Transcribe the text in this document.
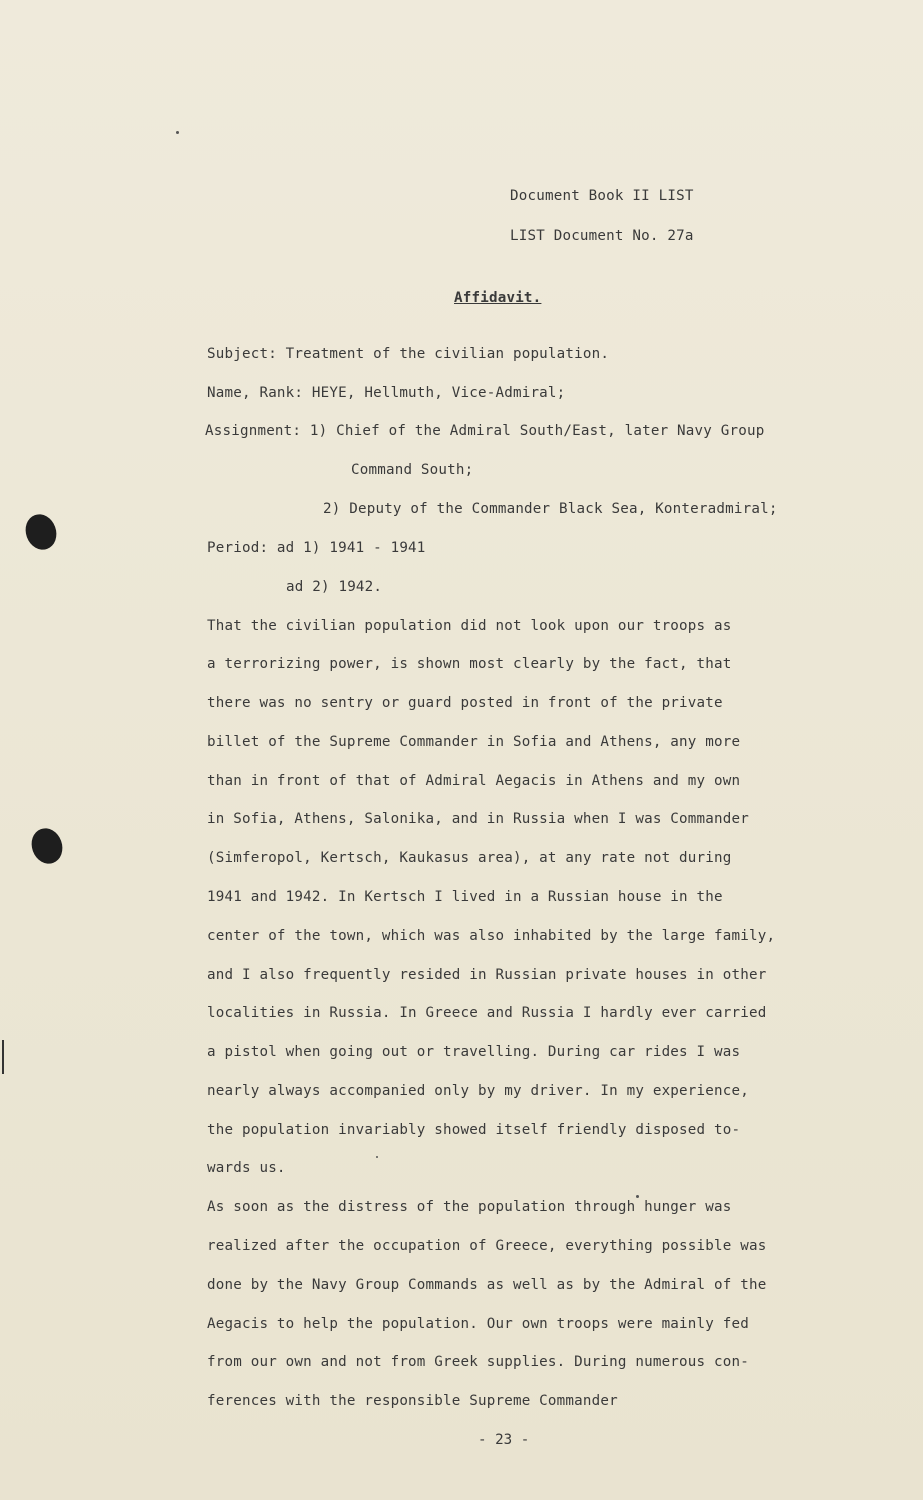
Document Book II LIST
LIST Document No. 27a
Affidavit.
Subject: Treatment of the civilian population.
Name, Rank: HEYE, Hellmuth, Vice-Admiral;
Assignment: 1) Chief of the Admiral South/East, later Navy Group
Command South;
2) Deputy of the Commander Black Sea, Konteradmiral;
Period: ad 1) 1941 - 1941
ad 2) 1942.
That the civilian population did not look upon our troops as
a terrorizing power, is shown most clearly by the fact, that
there was no sentry or guard posted in front of the private
billet of the Supreme Commander in Sofia and Athens, any more
than in front of that of Admiral Aegacis in Athens and my own
in Sofia, Athens, Salonika, and in Russia when I was Commander
(Simferopol, Kertsch, Kaukasus area), at any rate not during
1941 and 1942. In Kertsch I lived in a Russian house in the
center of the town, which was also inhabited by the large family,
and I also frequently resided in Russian private houses in other
localities in Russia. In Greece and Russia I hardly ever carried
a pistol when going out or travelling. During car rides I was
nearly always accompanied only by my driver. In my experience,
the population invariably showed itself friendly disposed to-
wards us.
As soon as the distress of the population through hunger was
realized after the occupation of Greece, everything possible was
done by the Navy Group Commands as well as by the Admiral of the
Aegacis to help the population. Our own troops were mainly fed
from our own and not from Greek supplies. During numerous con-
ferences with the responsible Supreme Commander
- 23 -
